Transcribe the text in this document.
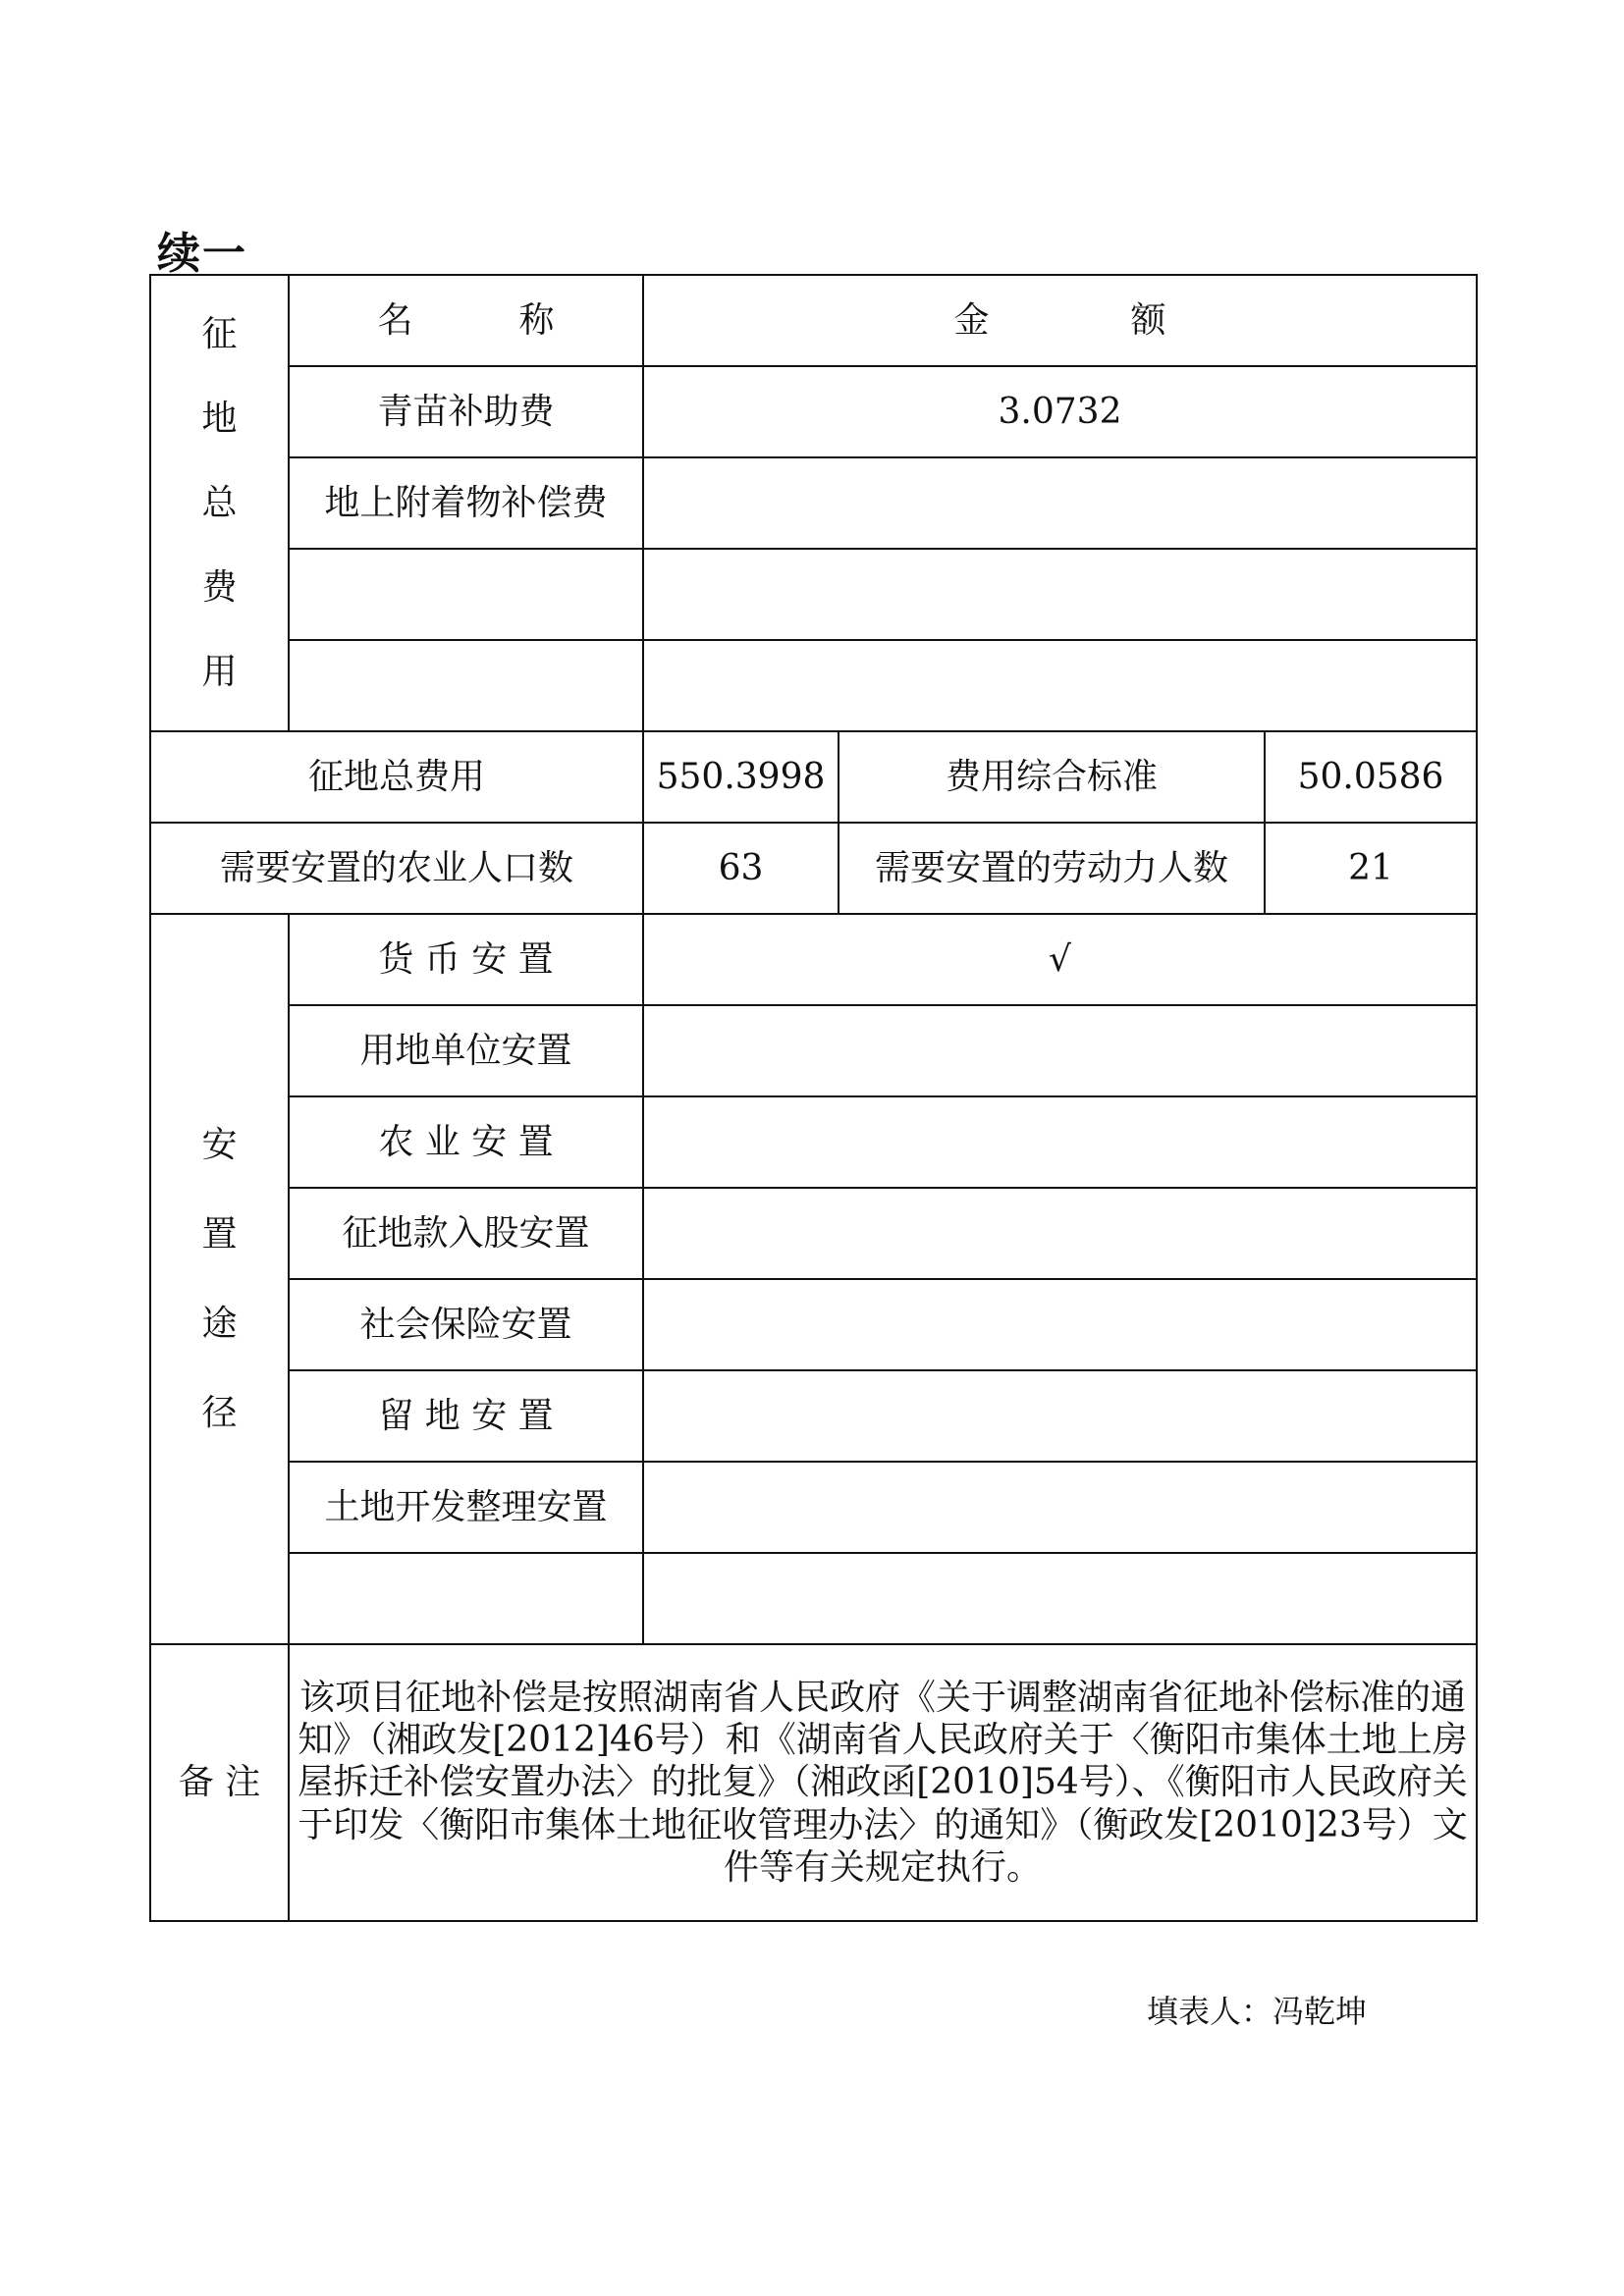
续一
征
地
总
费
用	名　　　称	金　　　　额		
	青苗补助费	3.0732		
	地上附着物补偿费			

征地总费用		550.3998	费用综合标准	50.0586
需要安置的农业人口数		63	需要安置的劳动力人数	21

安
置
途
径	货 币 安 置	√		
	用地单位安置			
	农 业 安 置			
	征地款入股安置			
	社会保险安置			
	留 地 安 置			
	土地开发整理安置			

备 注	该项目征地补偿是按照湖南省人民政府《关于调整湖南省征地补偿标准的通知》（湘政发[2012]46号）和《湖南省人民政府关于〈衡阳市集体土地上房屋拆迁补偿安置办法〉的批复》（湘政函[2010]54号）、《衡阳市人民政府关于印发〈衡阳市集体土地征收管理办法〉的通知》（衡政发[2010]23号）文件等有关规定执行。			
填表人：冯乾坤
